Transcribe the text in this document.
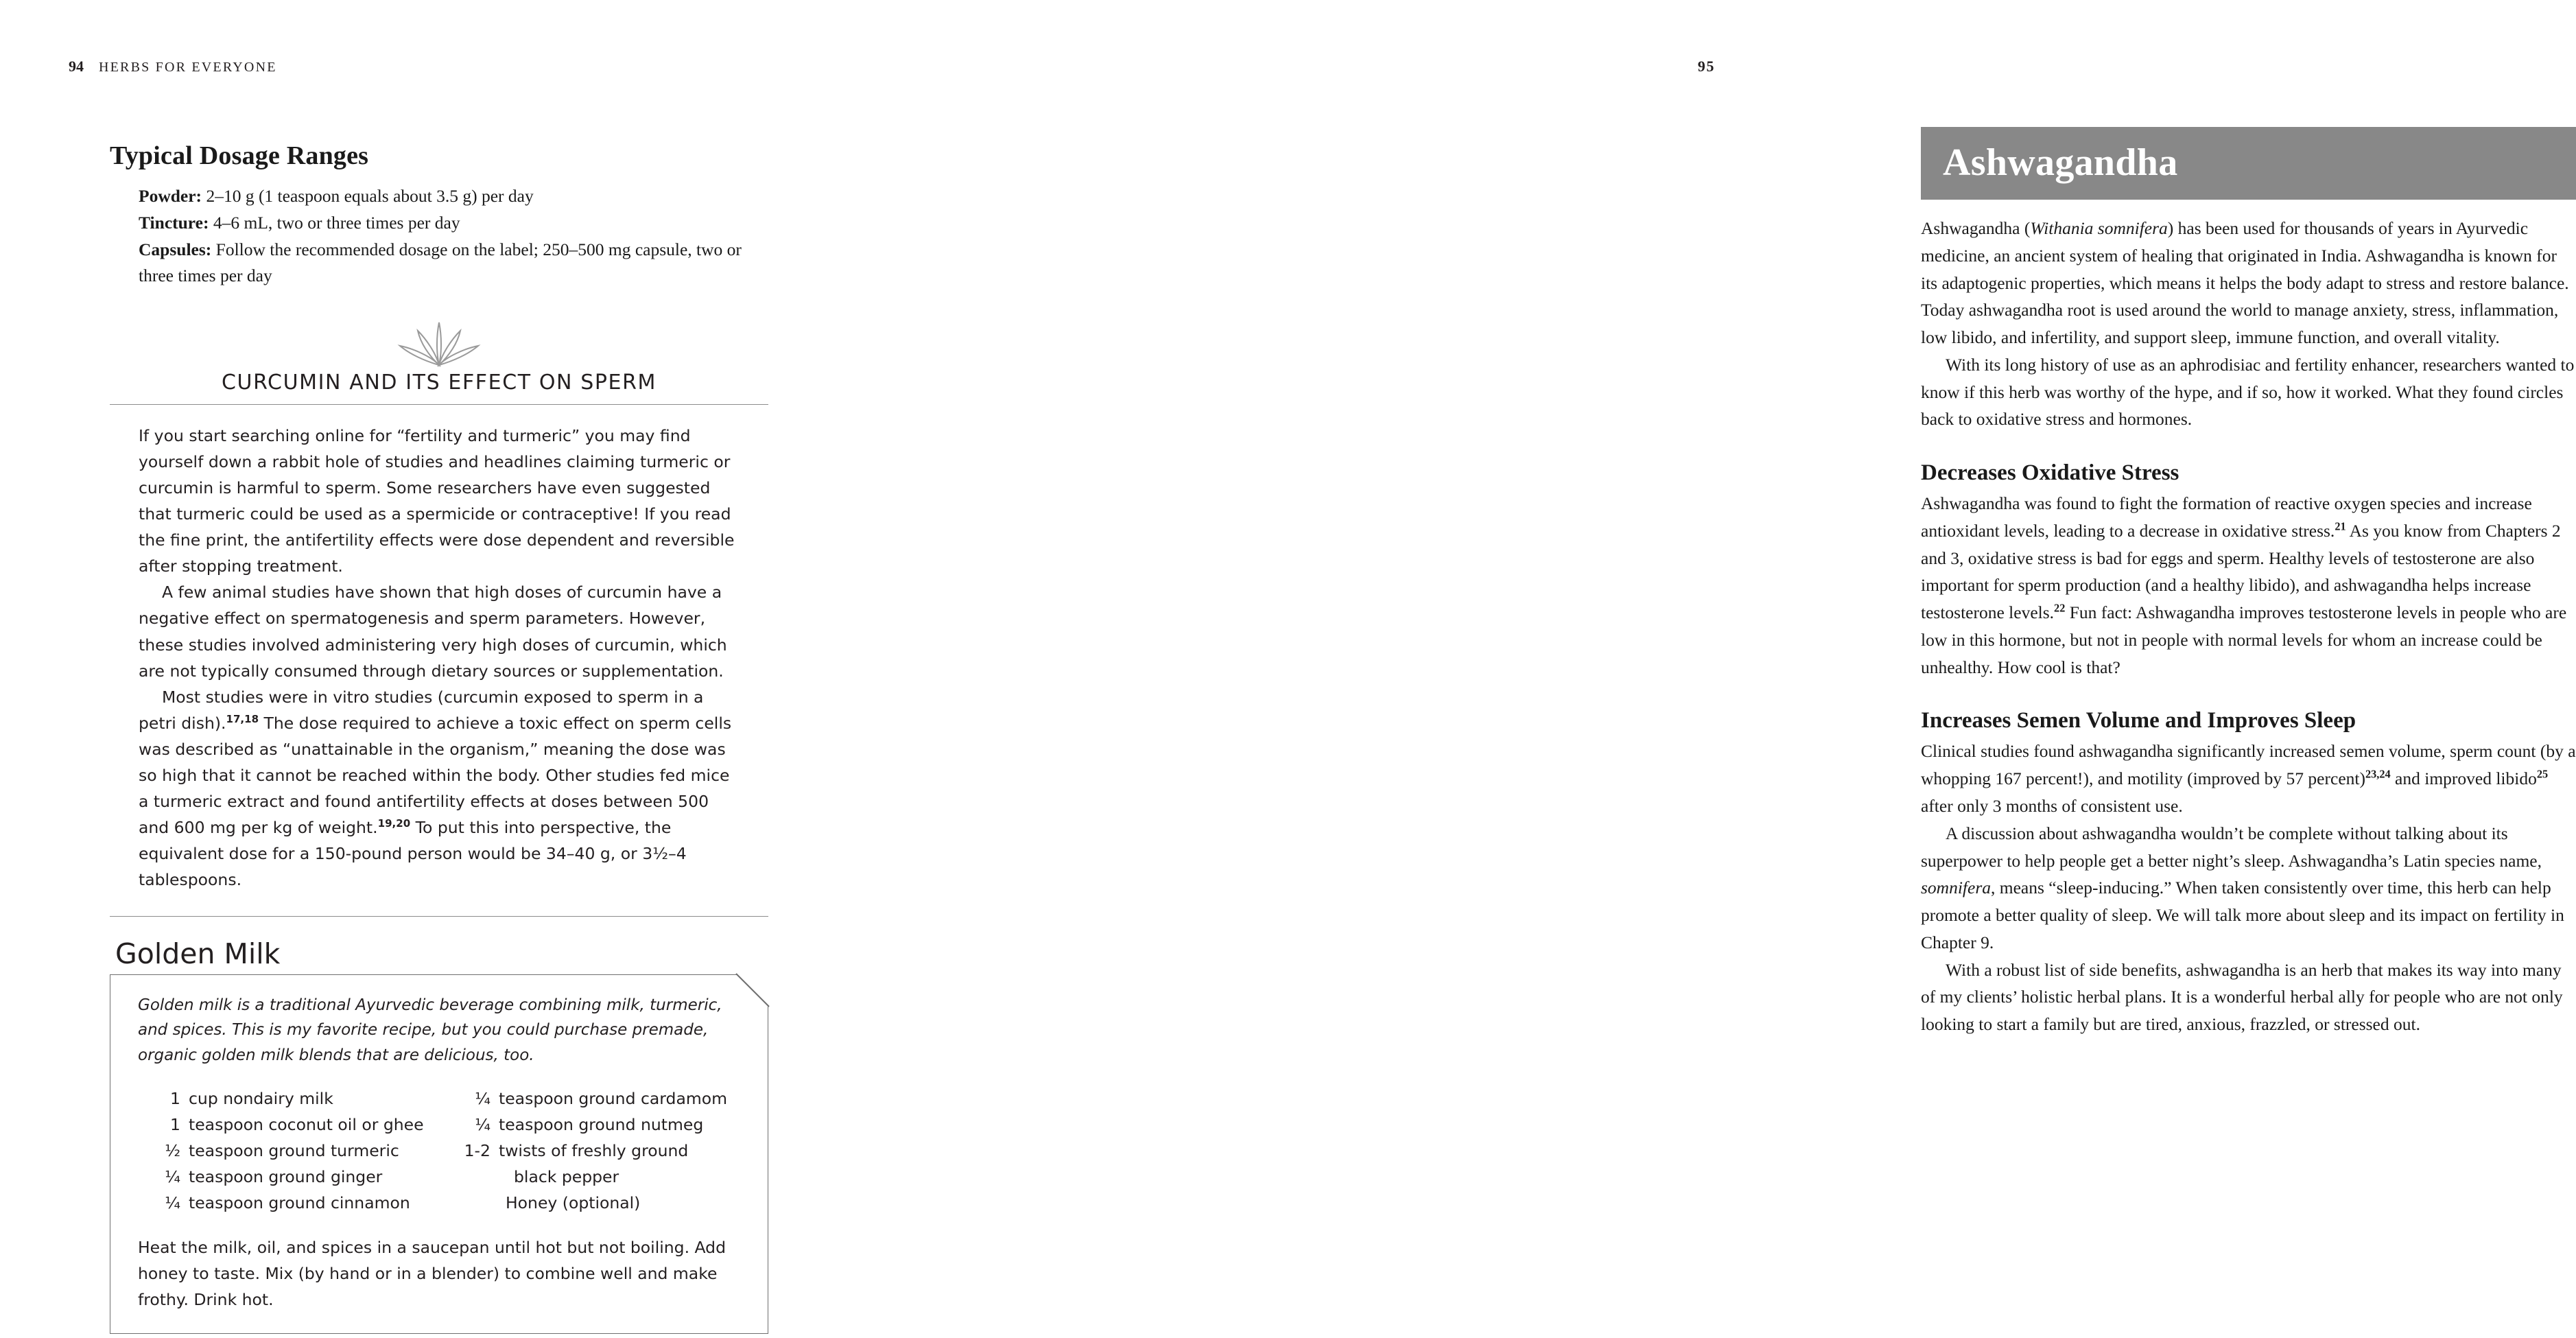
94 HERBS FOR EVERYONE
Typical Dosage Ranges
Powder: 2–10 g (1 teaspoon equals about 3.5 g) per day
Tincture: 4–6 mL, two or three times per day
Capsules: Follow the recommended dosage on the label; 250–500 mg capsule, two or three times per day
CURCUMIN AND ITS EFFECT ON SPERM

If you start searching online for “fertility and turmeric” you may find yourself down a rabbit hole of studies and headlines claiming turmeric or curcumin is harmful to sperm. Some researchers have even suggested that turmeric could be used as a spermicide or contraceptive! If you read the fine print, the antifertility effects were dose dependent and reversible after stopping treatment.

A few animal studies have shown that high doses of curcumin have a negative effect on spermatogenesis and sperm parameters. However, these studies involved administering very high doses of curcumin, which are not typically consumed through dietary sources or supplementation.

Most studies were in vitro studies (curcumin exposed to sperm in a petri dish).$^{17,18}$ The dose required to achieve a toxic effect on sperm cells was described as “unattainable in the organism,” meaning the dose was so high that it cannot be reached within the body. Other studies fed mice a turmeric extract and found antifertility effects at doses between 500 and 600 mg per kg of weight.$^{19,20}$ To put this into perspective, the equivalent dose for a 150-pound person would be 34–40 g, or 3½–4 tablespoons.

Golden Milk

Golden milk is a traditional Ayurvedic beverage combining milk, turmeric, and spices. This is my favorite recipe, but you could purchase premade, organic golden milk blends that are delicious, too.

1 cup nondairy milk
1 teaspoon coconut oil or ghee
½ teaspoon ground turmeric
¼ teaspoon ground ginger
¼ teaspoon ground cinnamon
¼ teaspoon ground cardamom
¼ teaspoon ground nutmeg
1-2 twists of freshly ground
black pepper
Honey (optional)

Heat the milk, oil, and spices in a saucepan until hot but not boiling. Add honey to taste. Mix (by hand or in a blender) to combine well and make frothy. Drink hot.

95
Ashwagandha

Ashwagandha (Withania somnifera) has been used for thousands of years in Ayurvedic medicine, an ancient system of healing that originated in India. Ashwagandha is known for its adaptogenic properties, which means it helps the body adapt to stress and restore balance. Today ashwagandha root is used around the world to manage anxiety, stress, inflammation, low libido, and infertility, and support sleep, immune function, and overall vitality.

With its long history of use as an aphrodisiac and fertility enhancer, researchers wanted to know if this herb was worthy of the hype, and if so, how it worked. What they found circles back to oxidative stress and hormones.

Decreases Oxidative Stress

Ashwagandha was found to fight the formation of reactive oxygen species and increase antioxidant levels, leading to a decrease in oxidative stress.$^{21}$ As you know from Chapters 2 and 3, oxidative stress is bad for eggs and sperm. Healthy levels of testosterone are also important for sperm production (and a healthy libido), and ashwagandha helps increase testosterone levels.$^{22}$ Fun fact: Ashwagandha improves testosterone levels in people who are low in this hormone, but not in people with normal levels for whom an increase could be unhealthy. How cool is that?

Increases Semen Volume and Improves Sleep

Clinical studies found ashwagandha significantly increased semen volume, sperm count (by a whopping 167 percent!), and motility (improved by 57 percent)$^{23,24}$ and improved libido$^{25}$ after only 3 months of consistent use.

A discussion about ashwagandha wouldn’t be complete without talking about its superpower to help people get a better night’s sleep. Ashwagandha’s Latin species name, somnifera, means “sleep-inducing.” When taken consistently over time, this herb can help promote a better quality of sleep. We will talk more about sleep and its impact on fertility in Chapter 9.

With a robust list of side benefits, ashwagandha is an herb that makes its way into many of my clients’ holistic herbal plans. It is a wonderful herbal ally for people who are not only looking to start a family but are tired, anxious, frazzled, or stressed out.
